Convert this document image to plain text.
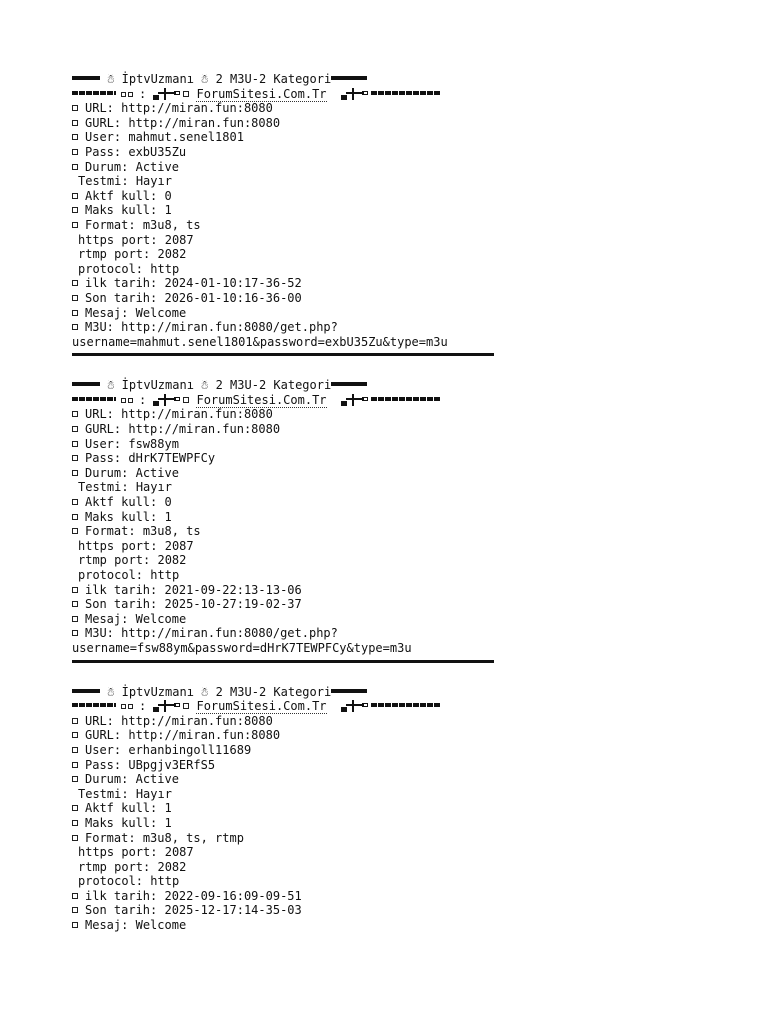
☃ İptvUzmanı ☃ 2 M3U-2 Kategori
:	ForumSitesi.Com.Tr
URL: http://miran.fun:8080
GURL: http://miran.fun:8080
User: mahmut.senel1801
Pass: exbU35Zu
Durum: Active
Testmi: Hayır
Aktf kull: 0
Maks kull: 1
Format: m3u8, ts
https port: 2087
rtmp port: 2082
protocol: http
ilk tarih: 2024-01-10:17-36-52
Son tarih: 2026-01-10:16-36-00
Mesaj: Welcome
M3U: http://miran.fun:8080/get.php?
username=mahmut.senel1801&password=exbU35Zu&type=m3u
☃ İptvUzmanı ☃ 2 M3U-2 Kategori
:	ForumSitesi.Com.Tr
URL: http://miran.fun:8080
GURL: http://miran.fun:8080
User: fsw88ym
Pass: dHrK7TEWPFCy
Durum: Active
Testmi: Hayır
Aktf kull: 0
Maks kull: 1
Format: m3u8, ts
https port: 2087
rtmp port: 2082
protocol: http
ilk tarih: 2021-09-22:13-13-06
Son tarih: 2025-10-27:19-02-37
Mesaj: Welcome
M3U: http://miran.fun:8080/get.php?
username=fsw88ym&password=dHrK7TEWPFCy&type=m3u
☃ İptvUzmanı ☃ 2 M3U-2 Kategori
:	ForumSitesi.Com.Tr
URL: http://miran.fun:8080
GURL: http://miran.fun:8080
User: erhanbingoll11689
Pass: UBpgjv3ERfS5
Durum: Active
Testmi: Hayır
Aktf kull: 1
Maks kull: 1
Format: m3u8, ts, rtmp
https port: 2087
rtmp port: 2082
protocol: http
ilk tarih: 2022-09-16:09-09-51
Son tarih: 2025-12-17:14-35-03
Mesaj: Welcome
